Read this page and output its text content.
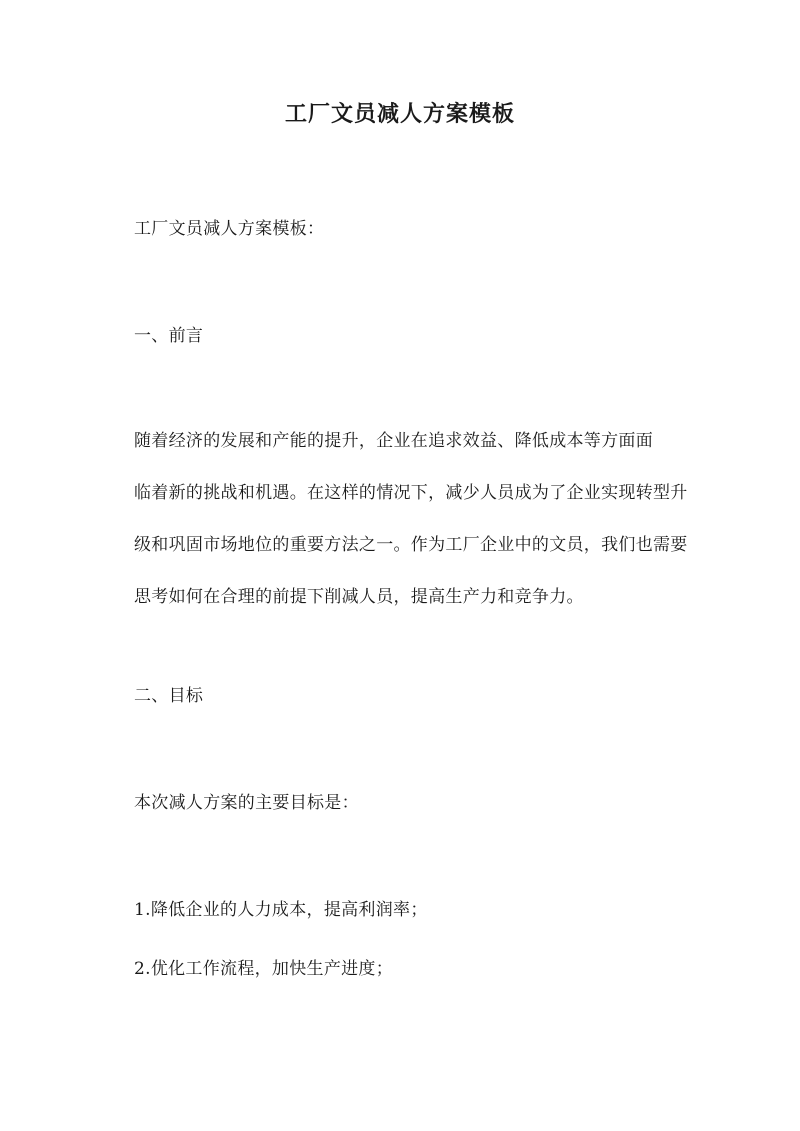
工厂文员减人方案模板
工厂文员减人方案模板：
一、前言
随着经济的发展和产能的提升，企业在追求效益、降低成本等方面面
临着新的挑战和机遇。在这样的情况下，减少人员成为了企业实现转型升
级和巩固市场地位的重要方法之一。作为工厂企业中的文员，我们也需要
思考如何在合理的前提下削减人员，提高生产力和竞争力。
二、目标
本次减人方案的主要目标是：
1.降低企业的人力成本，提高利润率；
2.优化工作流程，加快生产进度；
